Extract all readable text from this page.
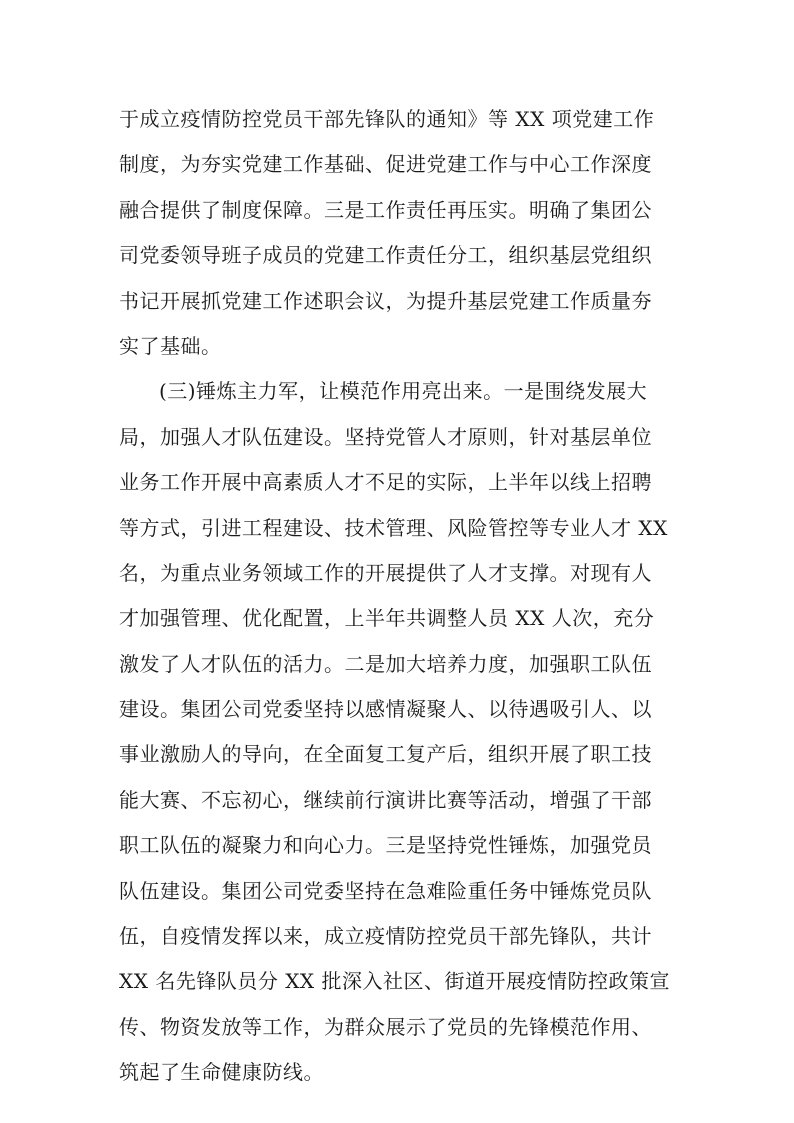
于成立疫情防控党员干部先锋队的通知》等 XX 项党建工作
制度，为夯实党建工作基础、促进党建工作与中心工作深度
融合提供了制度保障。三是工作责任再压实。明确了集团公
司党委领导班子成员的党建工作责任分工，组织基层党组织
书记开展抓党建工作述职会议，为提升基层党建工作质量夯
实了基础。
(三)锤炼主力军，让模范作用亮出来。一是围绕发展大
局，加强人才队伍建设。坚持党管人才原则，针对基层单位
业务工作开展中高素质人才不足的实际，上半年以线上招聘
等方式，引进工程建设、技术管理、风险管控等专业人才 XX
名，为重点业务领域工作的开展提供了人才支撑。对现有人
才加强管理、优化配置，上半年共调整人员 XX 人次，充分
激发了人才队伍的活力。二是加大培养力度，加强职工队伍
建设。集团公司党委坚持以感情凝聚人、以待遇吸引人、以
事业激励人的导向，在全面复工复产后，组织开展了职工技
能大赛、不忘初心，继续前行演讲比赛等活动，增强了干部
职工队伍的凝聚力和向心力。三是坚持党性锤炼，加强党员
队伍建设。集团公司党委坚持在急难险重任务中锤炼党员队
伍，自疫情发挥以来，成立疫情防控党员干部先锋队，共计
XX 名先锋队员分 XX 批深入社区、街道开展疫情防控政策宣
传、物资发放等工作，为群众展示了党员的先锋模范作用、
筑起了生命健康防线。
